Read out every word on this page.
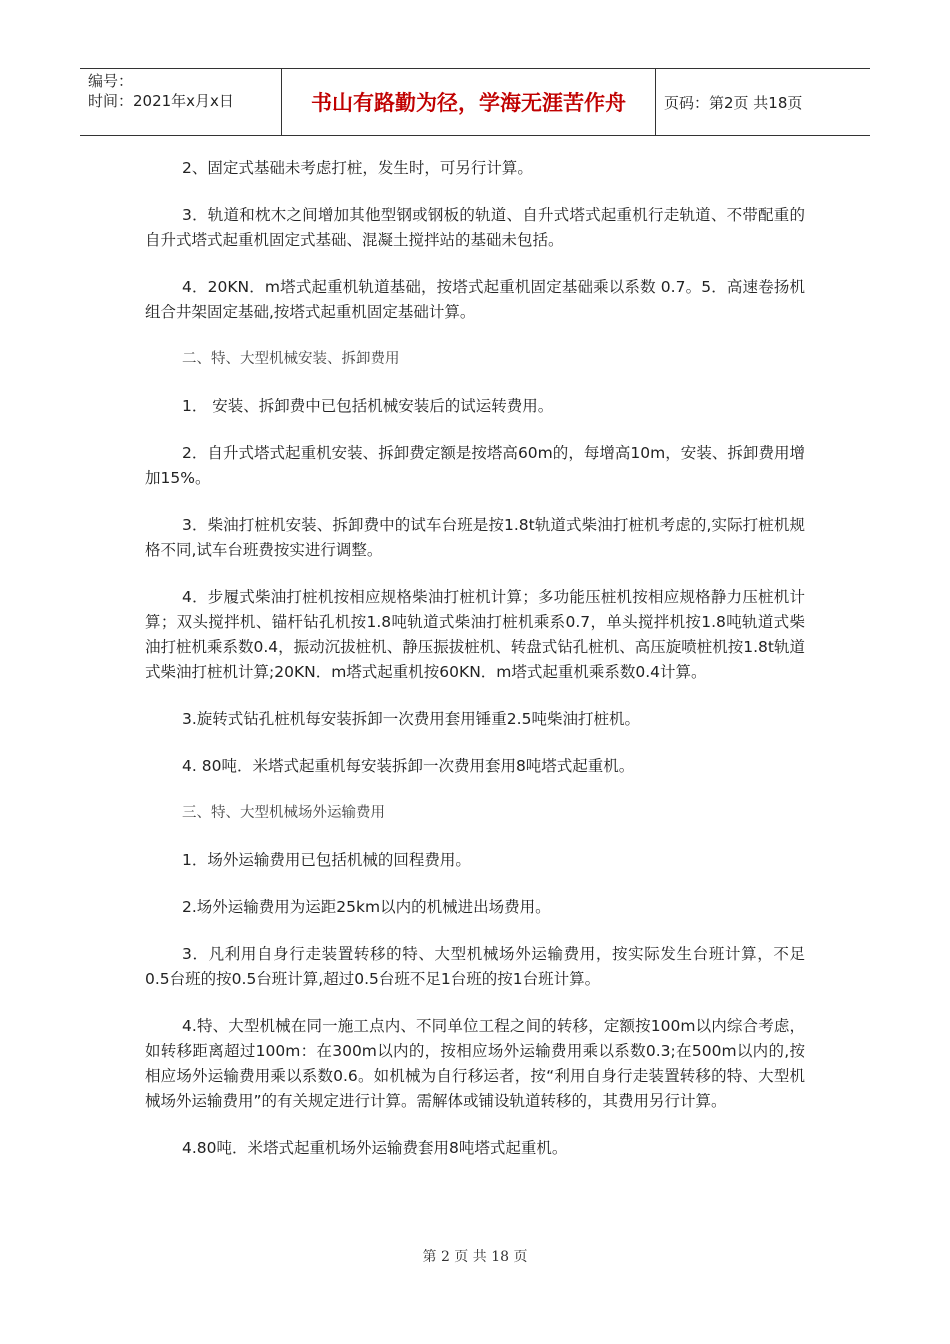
编号：
时间：2021年x月x日	书山有路勤为径，学海无涯苦作舟	页码：第2页 共18页

2、固定式基础未考虑打桩，发生时，可另行计算。

3．轨道和枕木之间增加其他型钢或钢板的轨道、自升式塔式起重机行走轨道、不带配重的自升式塔式起重机固定式基础、混凝土搅拌站的基础未包括。

4．20KN．m塔式起重机轨道基础，按塔式起重机固定基础乘以系数 0.7。5．高速卷扬机组合井架固定基础,按塔式起重机固定基础计算。

二、特、大型机械安装、拆卸费用

1． 安装、拆卸费中已包括机械安装后的试运转费用。

2．自升式塔式起重机安装、拆卸费定额是按塔高60m的，每增高10m，安装、拆卸费用增加15%。

3．柴油打桩机安装、拆卸费中的试车台班是按1.8t轨道式柴油打桩机考虑的,实际打桩机规格不同,试车台班费按实进行调整。

4．步履式柴油打桩机按相应规格柴油打桩机计算；多功能压桩机按相应规格静力压桩机计算；双头搅拌机、锚杆钻孔机按1.8吨轨道式柴油打桩机乘系0.7，单头搅拌机按1.8吨轨道式柴油打桩机乘系数0.4，振动沉拔桩机、静压振拔桩机、转盘式钻孔桩机、高压旋喷桩机按1.8t轨道式柴油打桩机计算;20KN．m塔式起重机按60KN．m塔式起重机乘系数0.4计算。

3.旋转式钻孔桩机每安装拆卸一次费用套用锤重2.5吨柴油打桩机。

4. 80吨．米塔式起重机每安装拆卸一次费用套用8吨塔式起重机。

三、特、大型机械场外运输费用

1．场外运输费用已包括机械的回程费用。

2.场外运输费用为运距25km以内的机械进出场费用。

3．凡利用自身行走装置转移的特、大型机械场外运输费用，按实际发生台班计算，不足0.5台班的按0.5台班计算,超过0.5台班不足1台班的按1台班计算。

4.特、大型机械在同一施工点内、不同单位工程之间的转移，定额按100m以内综合考虑，如转移距离超过100m：在300m以内的，按相应场外运输费用乘以系数0.3;在500m以内的,按相应场外运输费用乘以系数0.6。如机械为自行移运者，按“利用自身行走装置转移的特、大型机械场外运输费用”的有关规定进行计算。需解体或铺设轨道转移的，其费用另行计算。

4.80吨．米塔式起重机场外运输费套用8吨塔式起重机。

第 2 页 共 18 页
